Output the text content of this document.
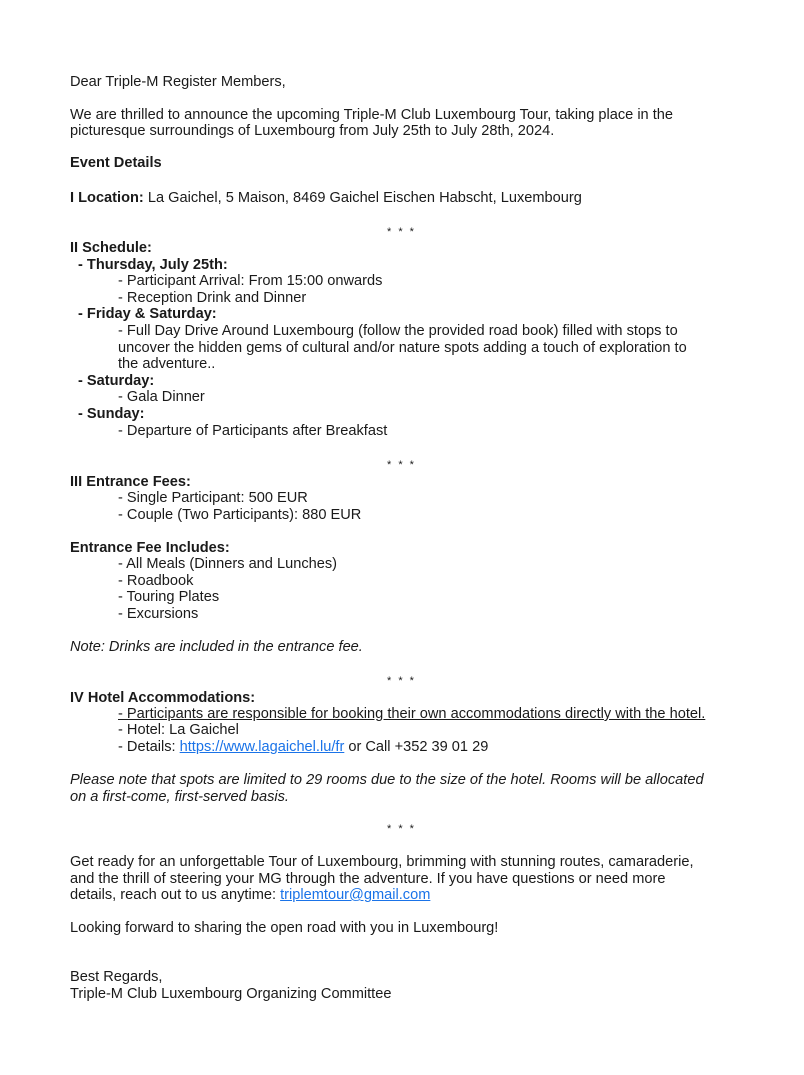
Dear Triple-M Register Members,
We are thrilled to announce the upcoming Triple-M Club Luxembourg Tour, taking place in the
picturesque surroundings of Luxembourg from July 25th to July 28th, 2024.
Event Details
I Location: La Gaichel, 5 Maison, 8469 Gaichel Eischen Habscht, Luxembourg
* * *
II Schedule:
- Thursday, July 25th:
- Participant Arrival: From 15:00 onwards
- Reception Drink and Dinner
- Friday & Saturday:
- Full Day Drive Around Luxembourg (follow the provided road book) filled with stops to
uncover the hidden gems of cultural and/or nature spots adding a touch of exploration to
the adventure..
- Saturday:
- Gala Dinner
- Sunday:
- Departure of Participants after Breakfast
* * *
III Entrance Fees:
- Single Participant: 500 EUR
- Couple (Two Participants): 880 EUR
Entrance Fee Includes:
- All Meals (Dinners and Lunches)
- Roadbook
- Touring Plates
- Excursions
Note: Drinks are included in the entrance fee.
* * *
IV Hotel Accommodations:
- Participants are responsible for booking their own accommodations directly with the hotel.
- Hotel: La Gaichel
- Details: https://www.lagaichel.lu/fr or Call +352 39 01 29
Please note that spots are limited to 29 rooms due to the size of the hotel. Rooms will be allocated
on a first-come, first-served basis.
* * *
Get ready for an unforgettable Tour of Luxembourg, brimming with stunning routes, camaraderie,
and the thrill of steering your MG through the adventure. If you have questions or need more
details, reach out to us anytime: triplemtour@gmail.com
Looking forward to sharing the open road with you in Luxembourg!
Best Regards,
Triple-M Club Luxembourg Organizing Committee
